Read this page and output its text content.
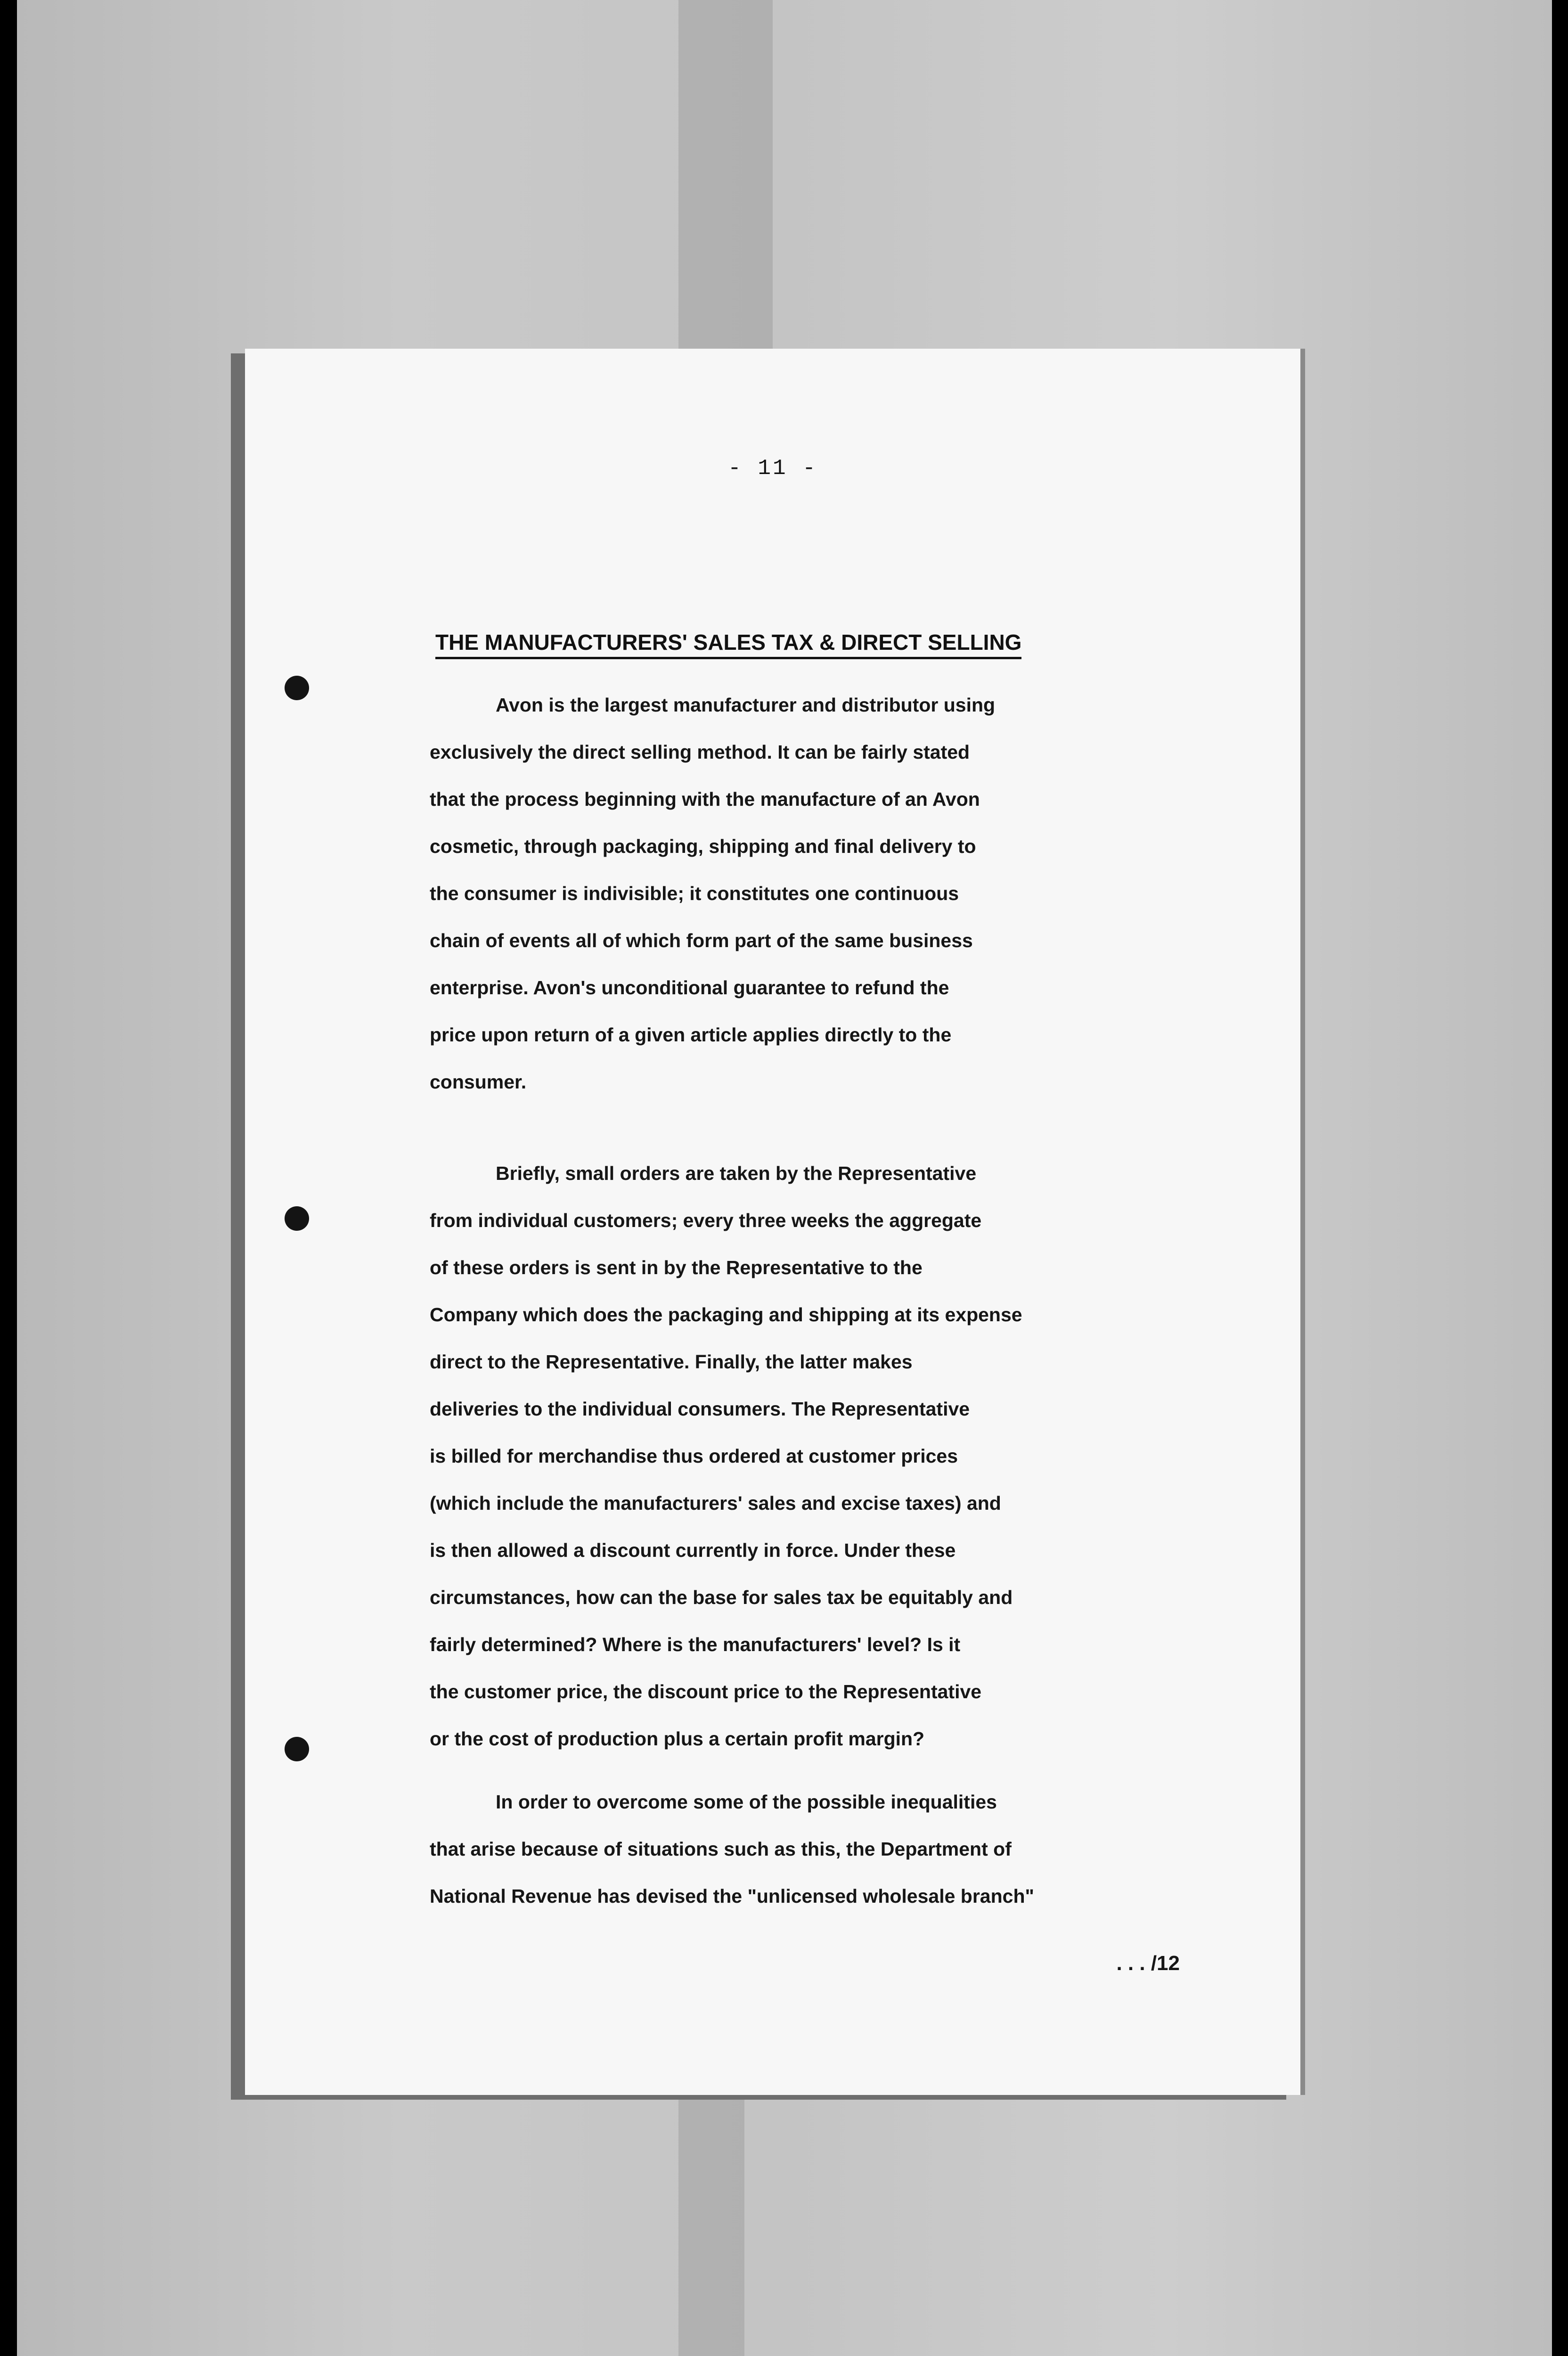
- 11 -
THE MANUFACTURERS' SALES TAX & DIRECT SELLING

Avon is the largest manufacturer and distributor using
exclusively the direct selling method. It can be fairly stated
that the process beginning with the manufacture of an Avon
cosmetic, through packaging, shipping and final delivery to
the consumer is indivisible; it constitutes one continuous
chain of events all of which form part of the same business
enterprise. Avon's unconditional guarantee to refund the
price upon return of a given article applies directly to the
consumer.

Briefly, small orders are taken by the Representative
from individual customers; every three weeks the aggregate
of these orders is sent in by the Representative to the
Company which does the packaging and shipping at its expense
direct to the Representative. Finally, the latter makes
deliveries to the individual consumers. The Representative
is billed for merchandise thus ordered at customer prices
(which include the manufacturers' sales and excise taxes) and
is then allowed a discount currently in force. Under these
circumstances, how can the base for sales tax be equitably and
fairly determined? Where is the manufacturers' level? Is it
the customer price, the discount price to the Representative
or the cost of production plus a certain profit margin?

In order to overcome some of the possible inequalities
that arise because of situations such as this, the Department of
National Revenue has devised the "unlicensed wholesale branch"

. . . /12
